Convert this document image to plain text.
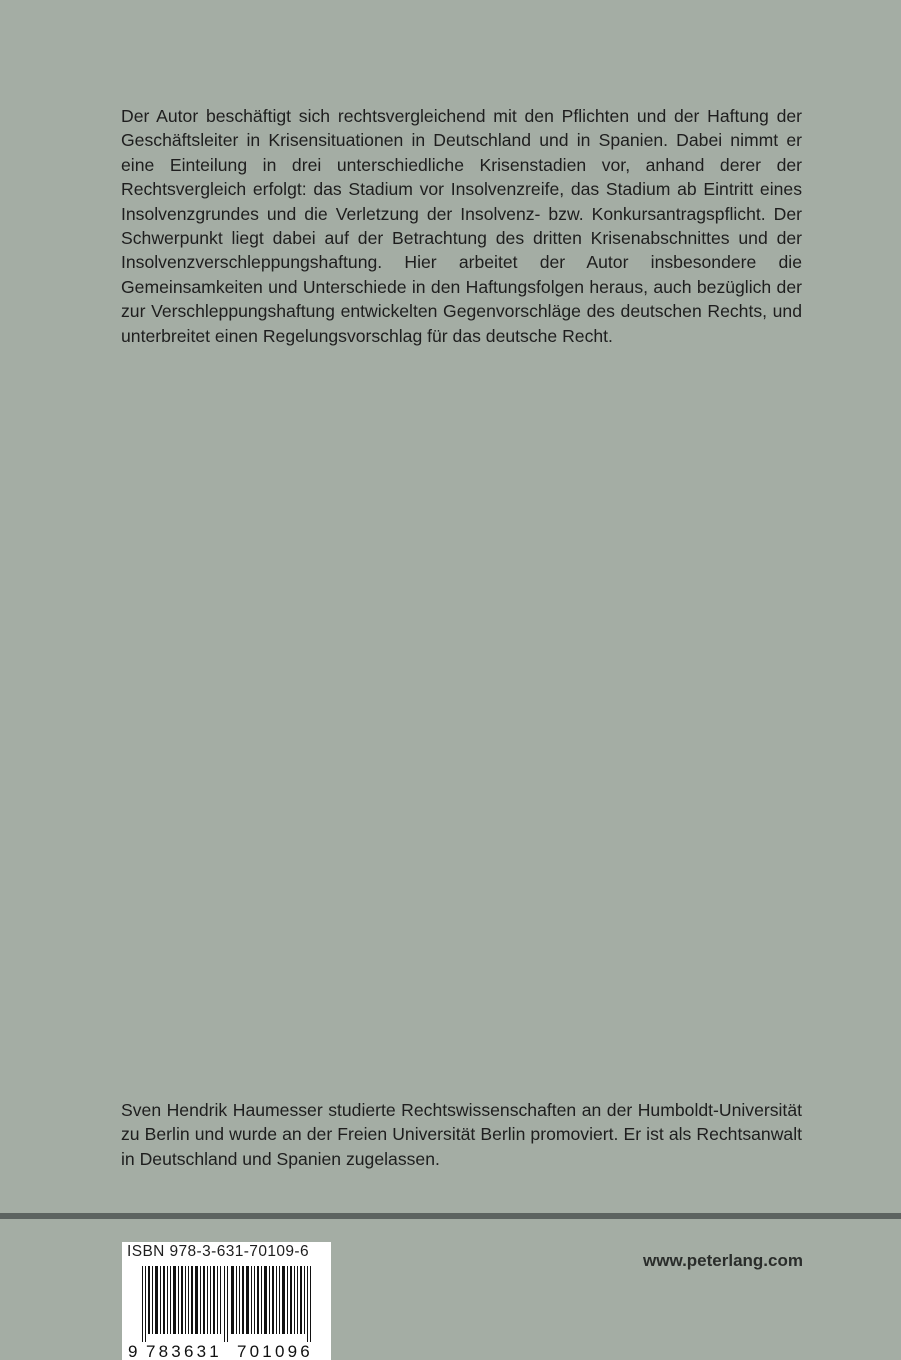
Der Autor beschäftigt sich rechtsvergleichend mit den Pflichten und der Haftung der Geschäftsleiter in Krisensituationen in Deutschland und in Spanien. Dabei nimmt er eine Einteilung in drei unterschiedliche Krisenstadien vor, anhand derer der Rechtsvergleich erfolgt: das Stadium vor Insolvenzreife, das Stadium ab Eintritt eines Insolvenzgrundes und die Verletzung der Insolvenz- bzw. Konkursantragspflicht. Der Schwerpunkt liegt dabei auf der Betrachtung des dritten Krisenabschnittes und der Insolvenzverschleppungshaftung. Hier arbeitet der Autor insbesondere die Gemeinsamkeiten und Unterschiede in den Haftungsfolgen heraus, auch bezüglich der zur Verschleppungshaftung entwickelten Gegenvorschläge des deutschen Rechts, und unterbreitet einen Regelungsvorschlag für das deutsche Recht.

Sven Hendrik Haumesser studierte Rechtswissenschaften an der Humboldt-Universität zu Berlin und wurde an der Freien Universität Berlin promoviert. Er ist als Rechtsanwalt in Deutschland und Spanien zugelassen.

ISBN 978-3-631-70109-6
9 783631 701096
www.peterlang.com
